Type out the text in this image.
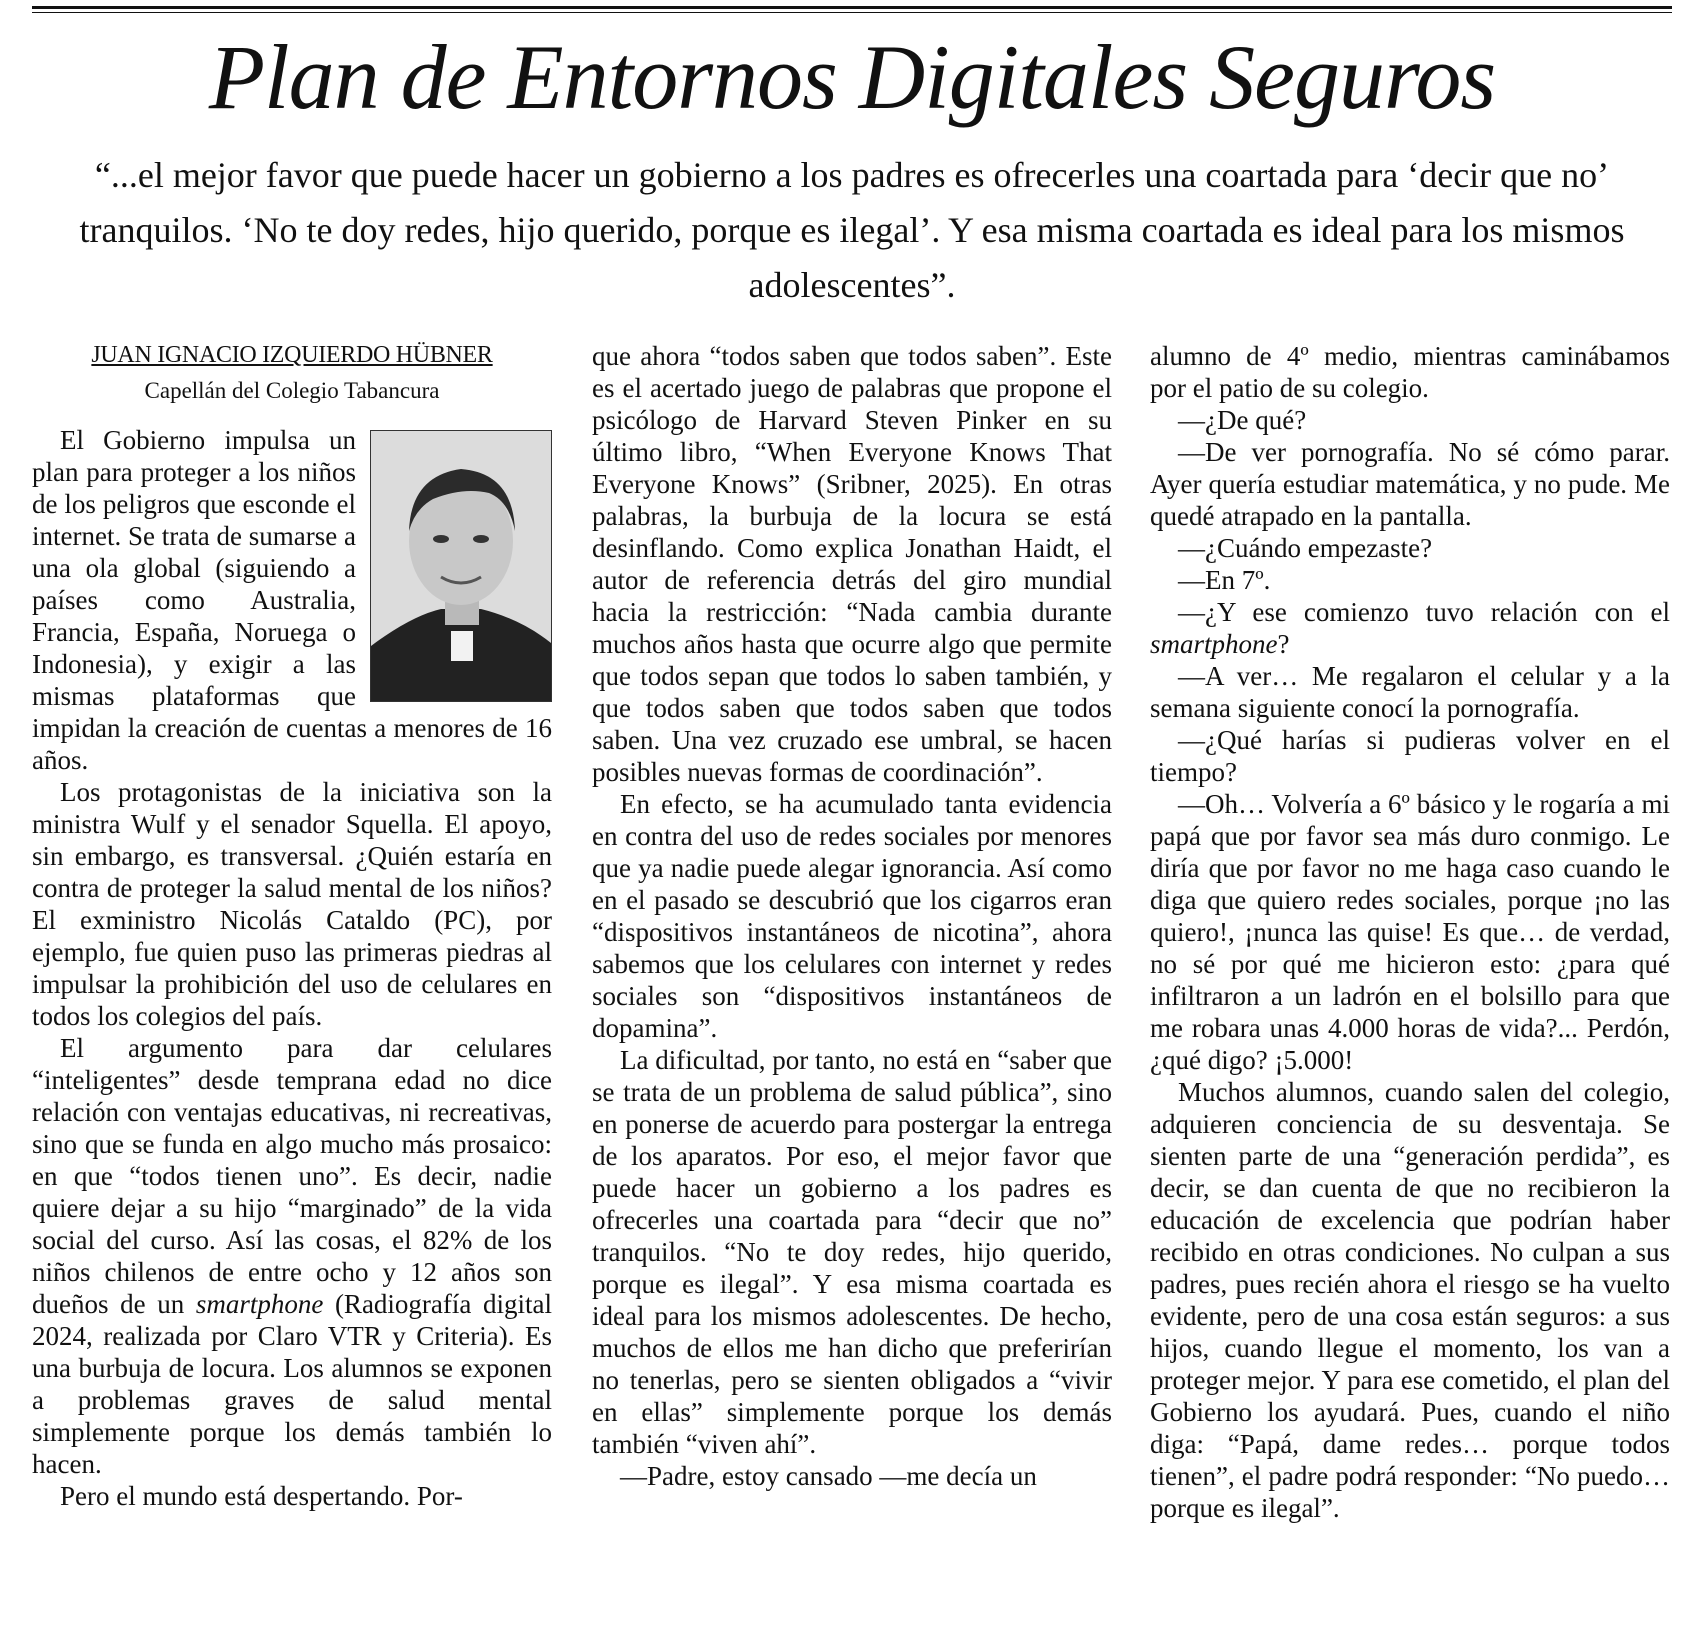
Plan de Entornos Digitales Seguros

“...el mejor favor que puede hacer un gobierno a los padres es ofrecerles una coartada para ‘decir que no’ tranquilos. ‘No te doy redes, hijo querido, porque es ilegal’. Y esa misma coartada es ideal para los mismos adolescentes”.

JUAN IGNACIO IZQUIERDO HÜBNER
Capellán del Colegio Tabancura

El Gobierno impulsa un plan para proteger a los niños de los peligros que esconde el internet. Se trata de sumarse a una ola global (siguiendo a países como Australia, Francia, España, Noruega o Indonesia), y exigir a las mismas plataformas que impidan la creación de cuentas a menores de 16 años.

Los protagonistas de la iniciativa son la ministra Wulf y el senador Squella. El apoyo, sin embargo, es transversal. ¿Quién estaría en contra de proteger la salud mental de los niños? El exministro Nicolás Cataldo (PC), por ejemplo, fue quien puso las primeras piedras al impulsar la prohibición del uso de celulares en todos los colegios del país.

El argumento para dar celulares “inteligentes” desde temprana edad no dice relación con ventajas educativas, ni recreativas, sino que se funda en algo mucho más prosaico: en que “todos tienen uno”. Es decir, nadie quiere dejar a su hijo “marginado” de la vida social del curso. Así las cosas, el 82% de los niños chilenos de entre ocho y 12 años son dueños de un smartphone (Radiografía digital 2024, realizada por Claro VTR y Criteria). Es una burbuja de locura. Los alumnos se exponen a problemas graves de salud mental simplemente porque los demás también lo hacen.

Pero el mundo está despertando. Por-

que ahora “todos saben que todos saben”. Este es el acertado juego de palabras que propone el psicólogo de Harvard Steven Pinker en su último libro, “When Everyone Knows That Everyone Knows” (Sribner, 2025). En otras palabras, la burbuja de la locura se está desinflando. Como explica Jonathan Haidt, el autor de referencia detrás del giro mundial hacia la restricción: “Nada cambia durante muchos años hasta que ocurre algo que permite que todos sepan que todos lo saben también, y que todos saben que todos saben que todos saben. Una vez cruzado ese umbral, se hacen posibles nuevas formas de coordinación”.

En efecto, se ha acumulado tanta evidencia en contra del uso de redes sociales por menores que ya nadie puede alegar ignorancia. Así como en el pasado se descubrió que los cigarros eran “dispositivos instantáneos de nicotina”, ahora sabemos que los celulares con internet y redes sociales son “dispositivos instantáneos de dopamina”.

La dificultad, por tanto, no está en “saber que se trata de un problema de salud pública”, sino en ponerse de acuerdo para postergar la entrega de los aparatos. Por eso, el mejor favor que puede hacer un gobierno a los padres es ofrecerles una coartada para “decir que no” tranquilos. “No te doy redes, hijo querido, porque es ilegal”. Y esa misma coartada es ideal para los mismos adolescentes. De hecho, muchos de ellos me han dicho que preferirían no tenerlas, pero se sienten obligados a “vivir en ellas” simplemente porque los demás también “viven ahí”.

—Padre, estoy cansado —me decía un

alumno de 4º medio, mientras caminábamos por el patio de su colegio.

—¿De qué?

—De ver pornografía. No sé cómo parar. Ayer quería estudiar matemática, y no pude. Me quedé atrapado en la pantalla.

—¿Cuándo empezaste?

—En 7º.

—¿Y ese comienzo tuvo relación con el smartphone?

—A ver… Me regalaron el celular y a la semana siguiente conocí la pornografía.

—¿Qué harías si pudieras volver en el tiempo?

—Oh… Volvería a 6º básico y le rogaría a mi papá que por favor sea más duro conmigo. Le diría que por favor no me haga caso cuando le diga que quiero redes sociales, porque ¡no las quiero!, ¡nunca las quise! Es que… de verdad, no sé por qué me hicieron esto: ¿para qué infiltraron a un ladrón en el bolsillo para que me robara unas 4.000 horas de vida?... Perdón, ¿qué digo? ¡5.000!

Muchos alumnos, cuando salen del colegio, adquieren conciencia de su desventaja. Se sienten parte de una “generación perdida”, es decir, se dan cuenta de que no recibieron la educación de excelencia que podrían haber recibido en otras condiciones. No culpan a sus padres, pues recién ahora el riesgo se ha vuelto evidente, pero de una cosa están seguros: a sus hijos, cuando llegue el momento, los van a proteger mejor. Y para ese cometido, el plan del Gobierno los ayudará. Pues, cuando el niño diga: “Papá, dame redes… porque todos tienen”, el padre podrá responder: “No puedo… porque es ilegal”.
